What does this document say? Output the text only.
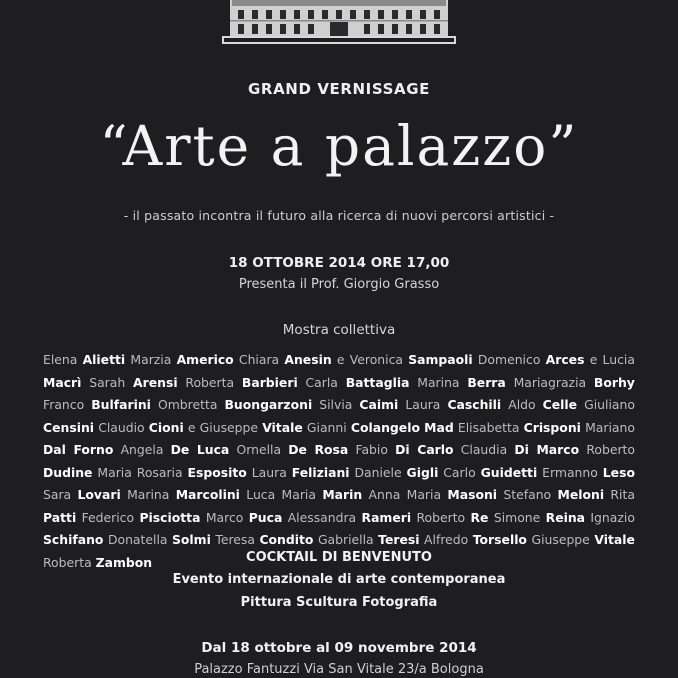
GRAND VERNISSAGE
“Arte a palazzo”
- il passato incontra il futuro alla ricerca di nuovi percorsi artistici -
18 OTTOBRE 2014 ORE 17,00
Presenta il Prof. Giorgio Grasso
Mostra collettiva
Elena Alietti Marzia Americo Chiara Anesin e Veronica Sampaoli Domenico Arces e Lucia Macrì Sarah Arensi Roberta Barbieri Carla Battaglia Marina Berra Mariagrazia Borhy Franco Bulfarini Ombretta Buongarzoni Silvia Caimi Laura Caschili Aldo Celle Giuliano Censini Claudio Cioni e Giuseppe Vitale Gianni Colangelo Mad Elisabetta Crisponi Mariano Dal Forno Angela De Luca Ornella De Rosa Fabio Di Carlo Claudia Di Marco Roberto Dudine Maria Rosaria Esposito Laura Feliziani Daniele Gigli Carlo Guidetti Ermanno Leso Sara Lovari Marina Marcolini Luca Maria Marin Anna Maria Masoni Stefano Meloni Rita Patti Federico Pisciotta Marco Puca Alessandra Rameri Roberto Re Simone Reina Ignazio Schifano Donatella Solmi Teresa Condito Gabriella Teresi Alfredo Torsello Giuseppe Vitale Roberta Zambon	COCKTAIL DI BENVENUTO
Evento internazionale di arte contemporanea
Pittura Scultura Fotografia
Dal 18 ottobre al 09 novembre 2014
Palazzo Fantuzzi Via San Vitale 23/a Bologna
